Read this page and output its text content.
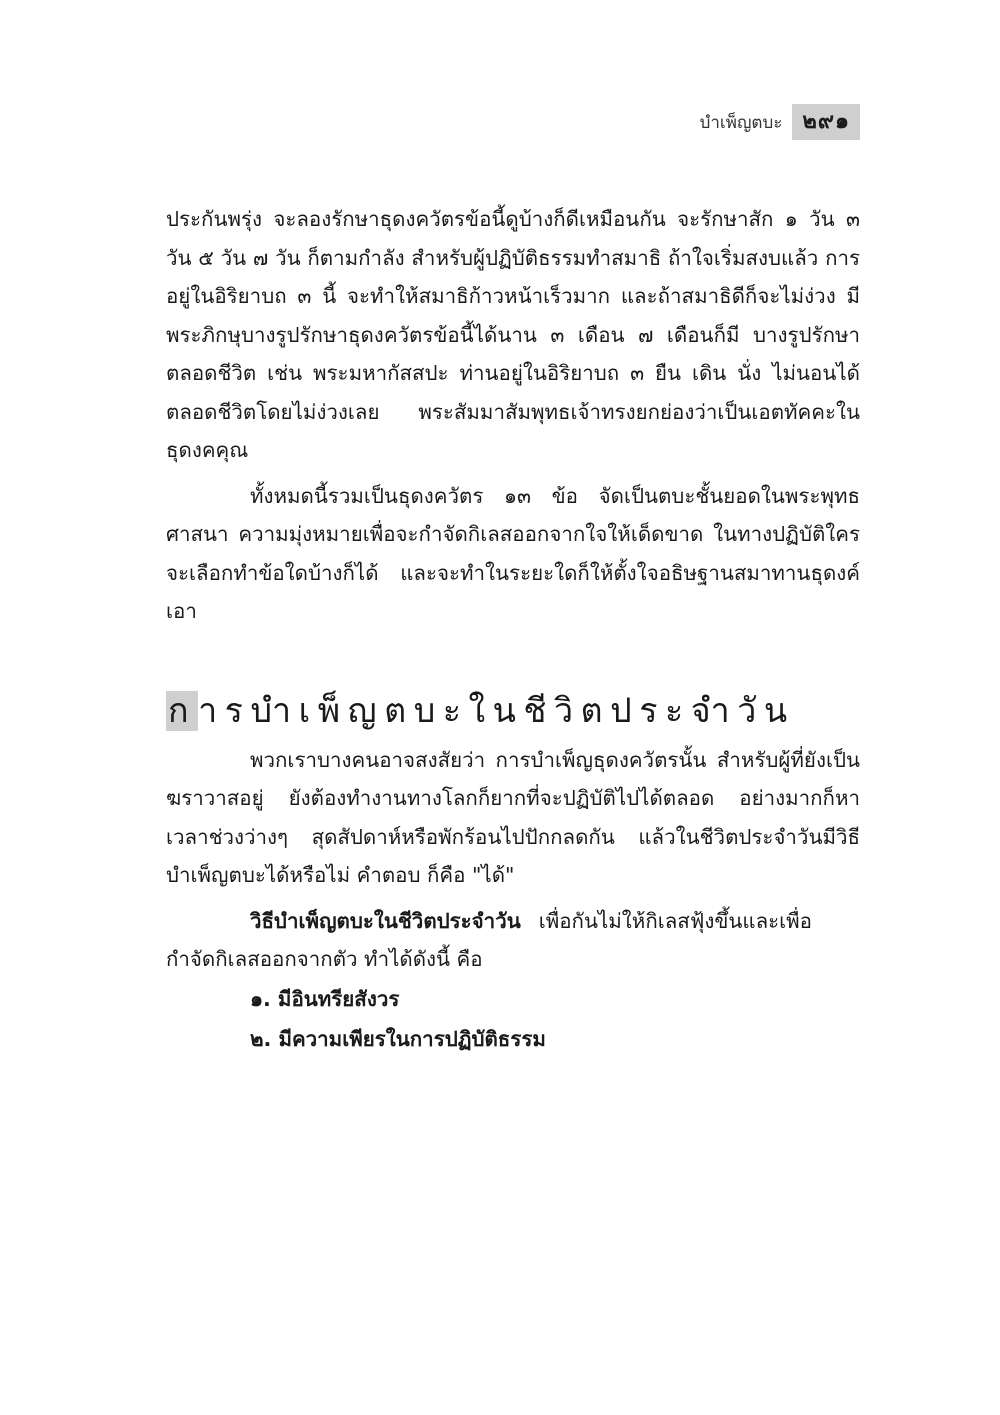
บำเพ็ญตบะ ๒๙๑

ประกันพรุ่ง จะลองรักษาธุดงควัตรข้อนี้ดูบ้างก็ดีเหมือนกัน จะรักษาสัก ๑ วัน ๓ วัน ๕ วัน ๗ วัน ก็ตามกำลัง สำหรับผู้ปฏิบัติธรรมทำสมาธิ ถ้าใจเริ่มสงบแล้ว การอยู่ในอิริยาบถ ๓ นี้ จะทำให้สมาธิก้าวหน้าเร็วมาก และถ้าสมาธิดีก็จะไม่ง่วง มีพระภิกษุบางรูปรักษาธุดงควัตรข้อนี้ได้นาน ๓ เดือน ๗ เดือนก็มี บางรูปรักษาตลอดชีวิต เช่น พระมหากัสสปะ ท่านอยู่ในอิริยาบถ ๓ ยืน เดิน นั่ง ไม่นอนได้ตลอดชีวิตโดยไม่ง่วงเลย พระสัมมาสัมพุทธเจ้าทรงยกย่องว่าเป็นเอตทัคคะในธุดงคคุณ

ทั้งหมดนี้รวมเป็นธุดงควัตร ๑๓ ข้อ จัดเป็นตบะชั้นยอดในพระพุทธศาสนา ความมุ่งหมายเพื่อจะกำจัดกิเลสออกจากใจให้เด็ดขาด ในทางปฏิบัติใครจะเลือกทำข้อใดบ้างก็ได้ และจะทำในระยะใดก็ให้ตั้งใจอธิษฐานสมาทานธุดงค์เอา

การบำเพ็ญตบะในชีวิตประจำวัน

พวกเราบางคนอาจสงสัยว่า การบำเพ็ญธุดงควัตรนั้น สำหรับผู้ที่ยังเป็นฆราวาสอยู่ ยังต้องทำงานทางโลกก็ยากที่จะปฏิบัติไปได้ตลอด อย่างมากก็หาเวลาช่วงว่างๆ สุดสัปดาห์หรือพักร้อนไปปักกลดกัน แล้วในชีวิตประจำวันมีวิธีบำเพ็ญตบะได้หรือไม่ คำตอบ ก็คือ "ได้"

วิธีบำเพ็ญตบะในชีวิตประจำวัน เพื่อกันไม่ให้กิเลสฟุ้งขึ้นและเพื่อกำจัดกิเลสออกจากตัว ทำได้ดังนี้ คือ

๑. มีอินทรียสังวร

๒. มีความเพียรในการปฏิบัติธรรม
